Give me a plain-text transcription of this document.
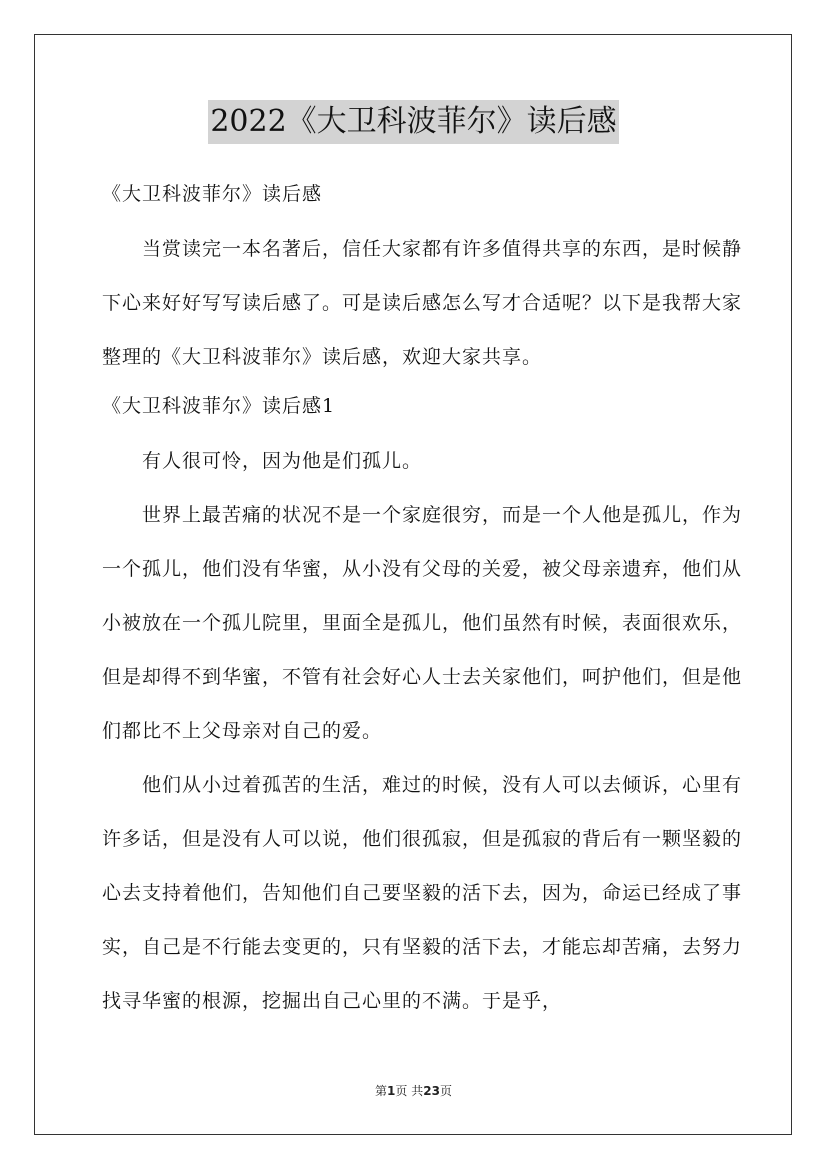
2022《大卫科波菲尔》读后感

《大卫科波菲尔》读后感

当赏读完一本名著后，信任大家都有许多值得共享的东西，是时候静下心来好好写写读后感了。可是读后感怎么写才合适呢？以下是我帮大家整理的《大卫科波菲尔》读后感，欢迎大家共享。

《大卫科波菲尔》读后感1

有人很可怜，因为他是们孤儿。

世界上最苦痛的状况不是一个家庭很穷，而是一个人他是孤儿，作为一个孤儿，他们没有华蜜，从小没有父母的关爱，被父母亲遗弃，他们从小被放在一个孤儿院里，里面全是孤儿，他们虽然有时候，表面很欢乐，但是却得不到华蜜，不管有社会好心人士去关家他们，呵护他们，但是他们都比不上父母亲对自己的爱。

他们从小过着孤苦的生活，难过的时候，没有人可以去倾诉，心里有许多话，但是没有人可以说，他们很孤寂，但是孤寂的背后有一颗坚毅的心去支持着他们，告知他们自己要坚毅的活下去，因为，命运已经成了事实，自己是不行能去变更的，只有坚毅的活下去，才能忘却苦痛，去努力找寻华蜜的根源，挖掘出自己心里的不满。于是乎，

第1页 共23页
